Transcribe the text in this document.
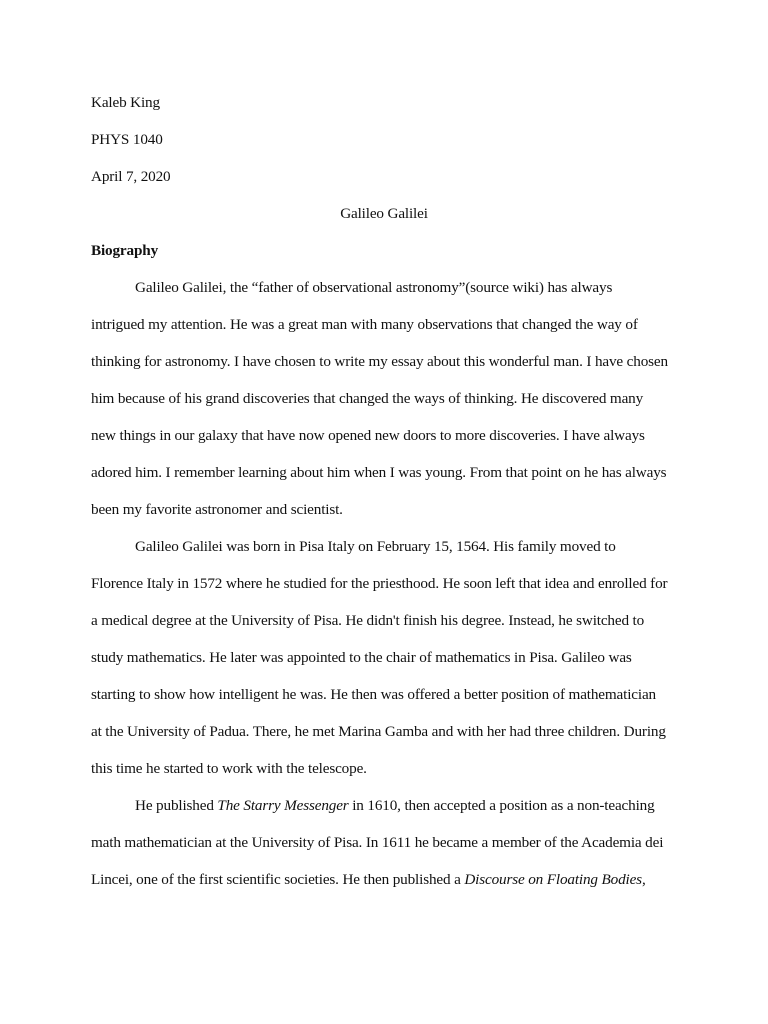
Kaleb King
PHYS 1040
April 7, 2020
Galileo Galilei
Biography
Galileo Galilei, the “father of observational astronomy”(source wiki) has always
intrigued my attention. He was a great man with many observations that changed the way of
thinking for astronomy. I have chosen to write my essay about this wonderful man. I have chosen
him because of his grand discoveries that changed the ways of thinking. He discovered many
new things in our galaxy that have now opened new doors to more discoveries. I have always
adored him. I remember learning about him when I was young. From that point on he has always
been my favorite astronomer and scientist.
Galileo Galilei was born in Pisa Italy on February 15, 1564. His family moved to
Florence Italy in 1572 where he studied for the priesthood. He soon left that idea and enrolled for
a medical degree at the University of Pisa. He didn't finish his degree. Instead, he switched to
study mathematics. He later was appointed to the chair of mathematics in Pisa. Galileo was
starting to show how intelligent he was. He then was offered a better position of mathematician
at the University of Padua. There, he met Marina Gamba and with her had three children. During
this time he started to work with the telescope.
He published The Starry Messenger in 1610, then accepted a position as a non-teaching
math mathematician at the University of Pisa. In 1611 he became a member of the Academia dei
Lincei, one of the first scientific societies. He then published a Discourse on Floating Bodies,
